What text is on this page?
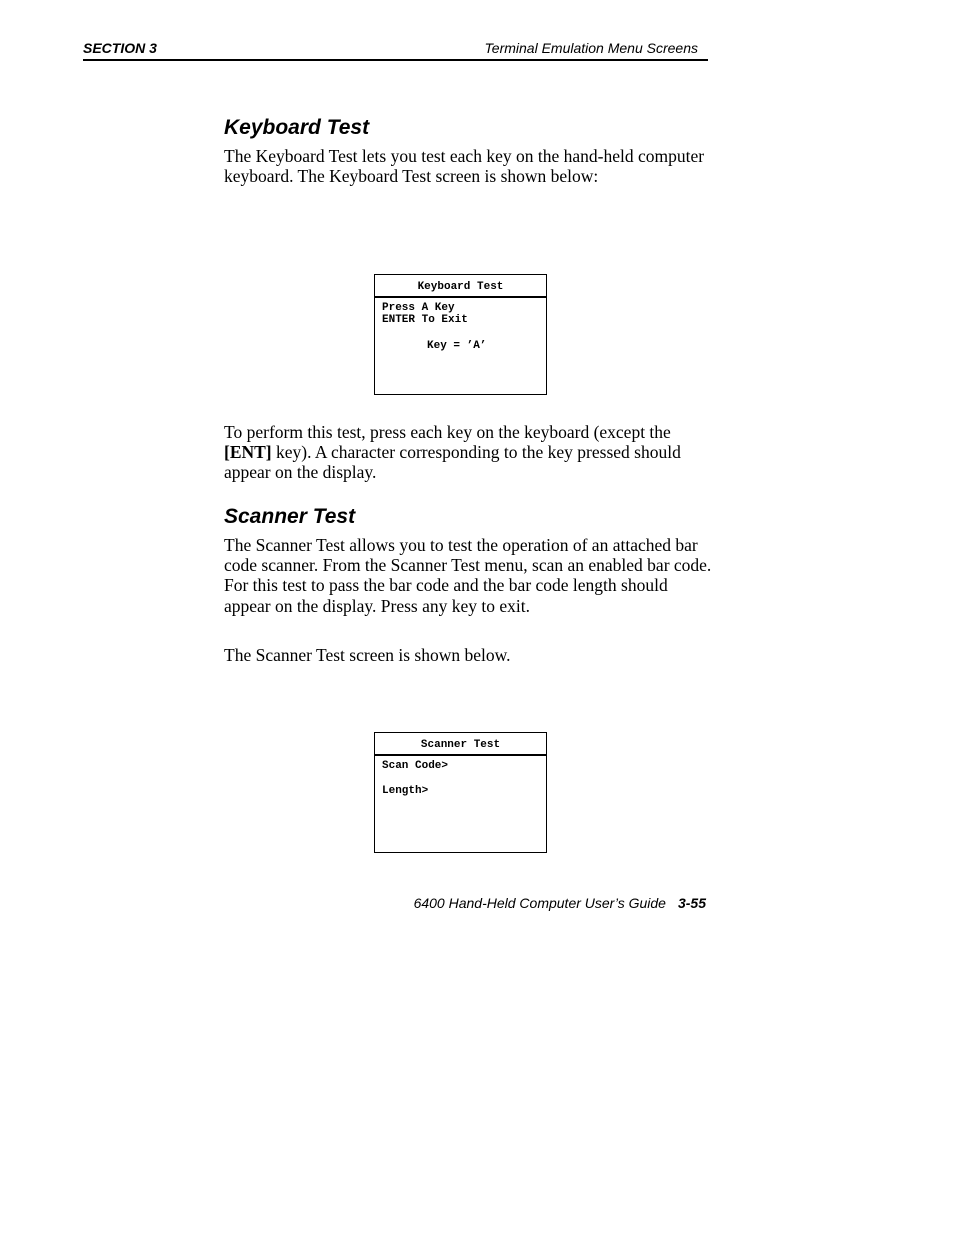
SECTION 3	Terminal Emulation Menu Screens
Keyboard Test

The Keyboard Test lets you test each key on the hand-held computer keyboard. The Keyboard Test screen is shown below:

Keyboard Test
Press A Key
ENTER To Exit
Key = ’A’

To perform this test, press each key on the keyboard (except the [ENT] key). A character corresponding to the key pressed should appear on the display.

Scanner Test

The Scanner Test allows you to test the operation of an attached bar code scanner. From the Scanner Test menu, scan an enabled bar code. For this test to pass the bar code and the bar code length should appear on the display. Press any key to exit.

The Scanner Test screen is shown below.

Scanner Test
Scan Code>
Length>
6400 Hand-Held Computer User’s Guide 3-55
